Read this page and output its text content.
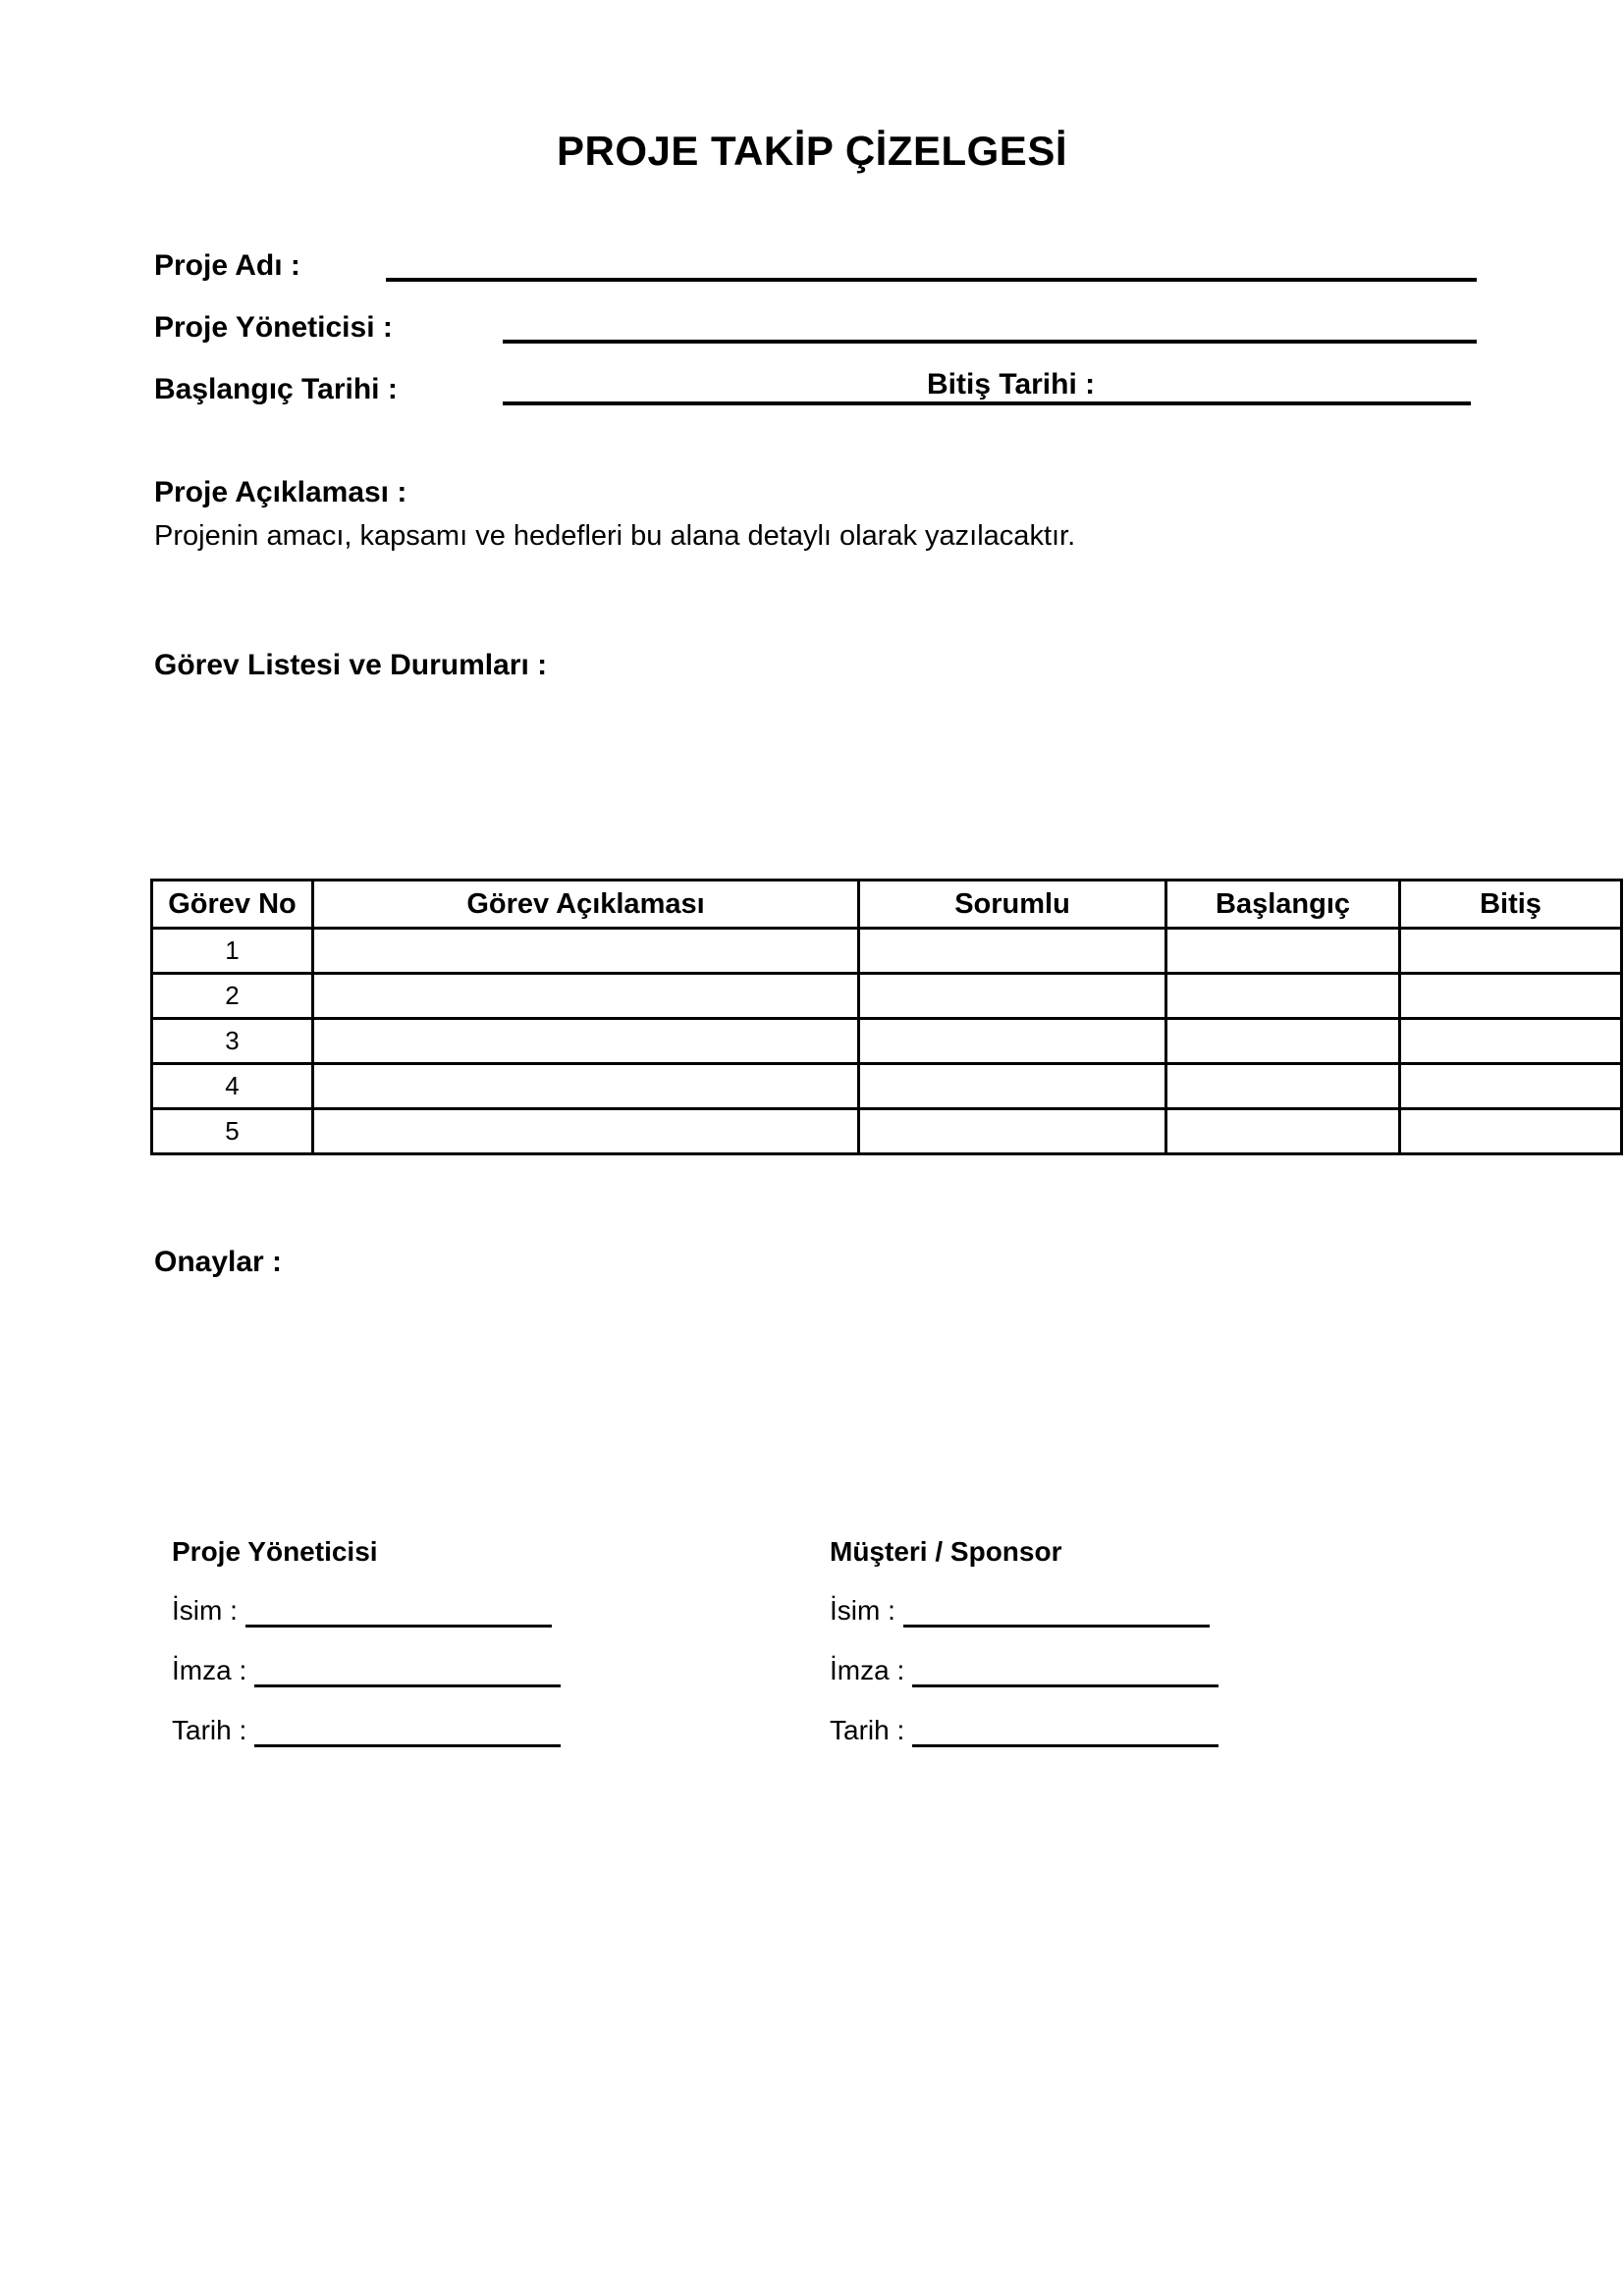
PROJE TAKİP ÇİZELGESİ
Proje Adı :
Proje Yöneticisi :
Başlangıç Tarihi :	Bitiş Tarihi :
Proje Açıklaması :
Projenin amacı, kapsamı ve hedefleri bu alana detaylı olarak yazılacaktır.
Görev Listesi ve Durumları :
Görev No	Görev Açıklaması	Sorumlu	Başlangıç	Bitiş
1				
2				
3				
4				
5				
Onaylar :
Proje Yöneticisi
İsim :
İmza :
Tarih :
Müşteri / Sponsor
İsim :
İmza :
Tarih :
